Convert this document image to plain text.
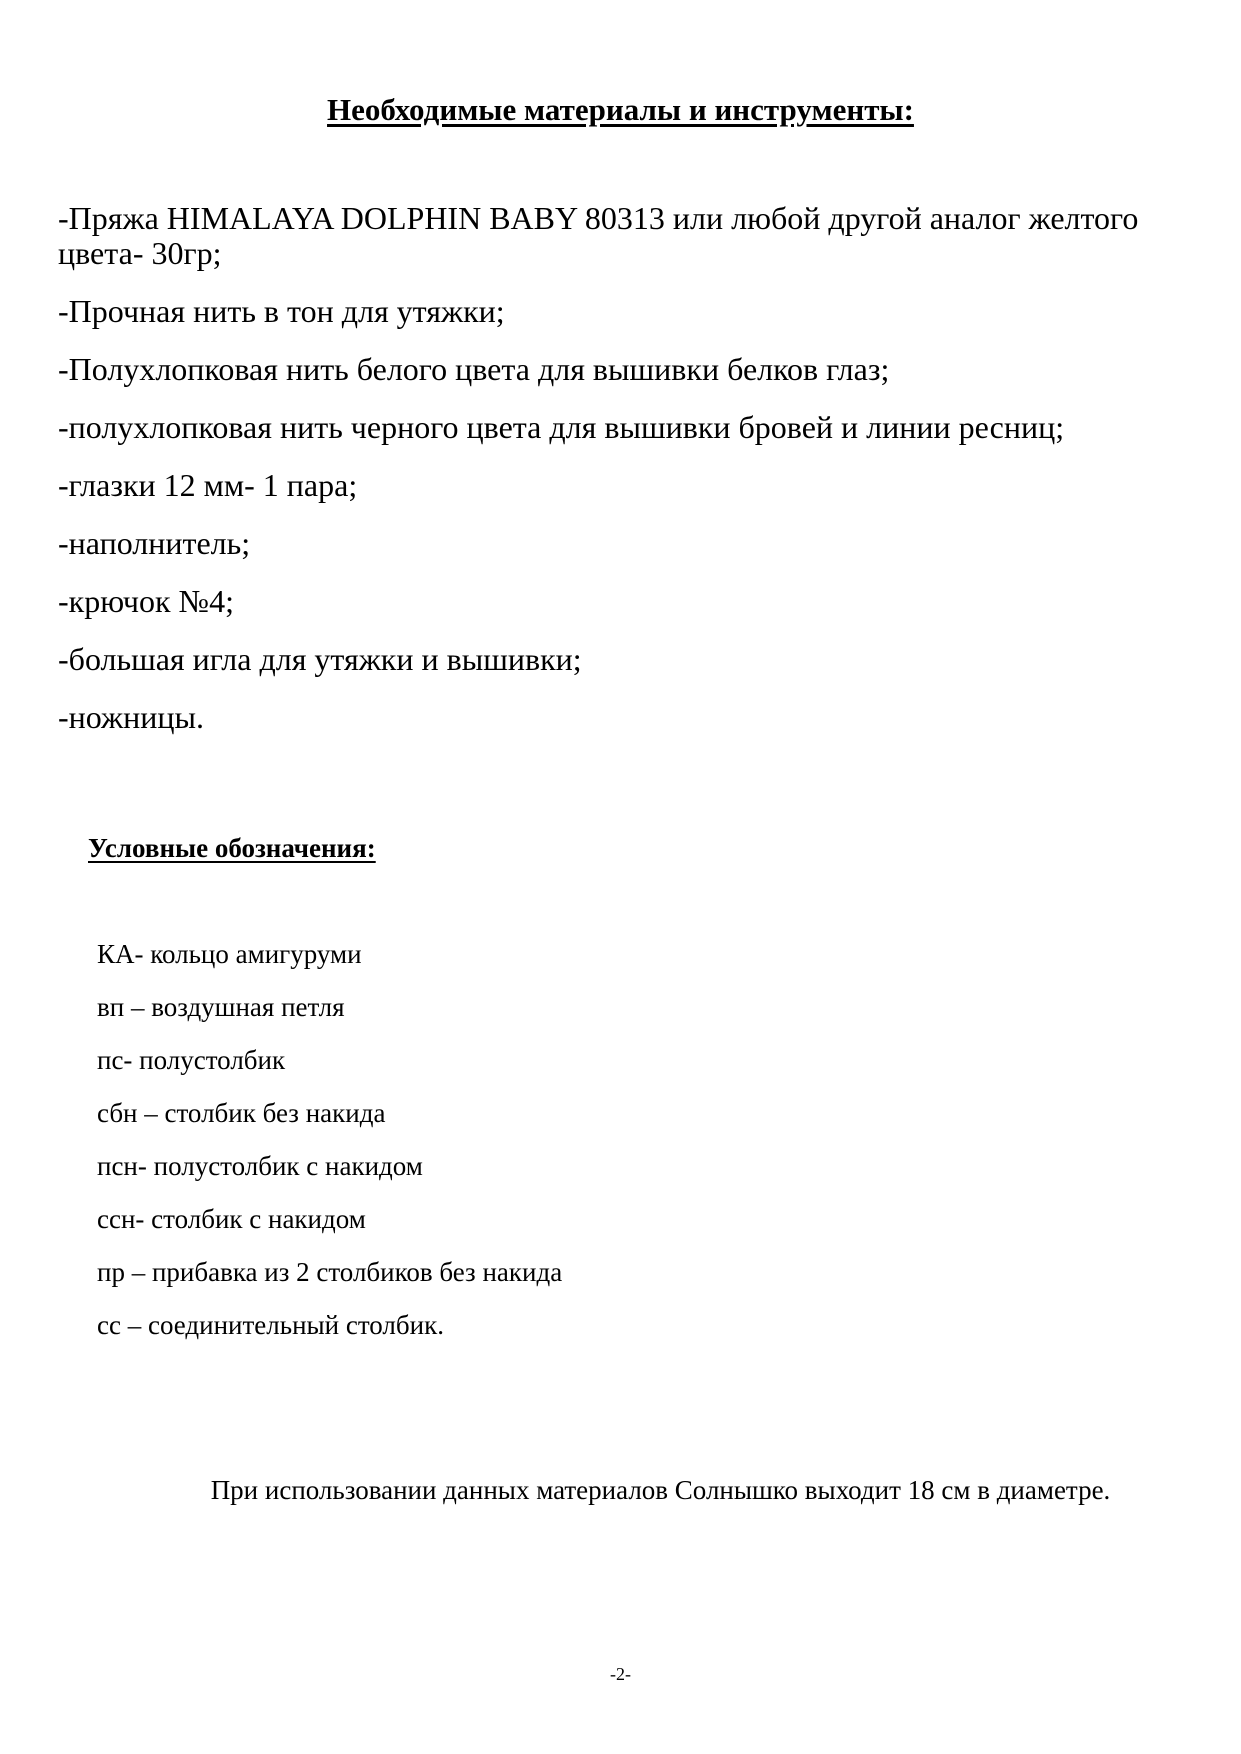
Необходимые материалы и инструменты:
-Пряжа HIMALAYA DOLPHIN BABY 80313 или любой другой аналог желтого цвета- 30гр;
-Прочная нить в тон для утяжки;
-Полухлопковая нить белого цвета для вышивки белков глаз;
-полухлопковая нить черного цвета для вышивки бровей и линии ресниц;
-глазки 12 мм- 1 пара;
-наполнитель;
-крючок №4;
-большая игла для утяжки и вышивки;
-ножницы.
Условные обозначения:
КА- кольцо амигуруми
вп – воздушная петля
пс- полустолбик
сбн – столбик без накида
псн- полустолбик с накидом
ссн- столбик с накидом
пр – прибавка из 2 столбиков без накида
сс – соединительный столбик.

При использовании данных материалов Солнышко выходит 18 см в диаметре.

-2-
